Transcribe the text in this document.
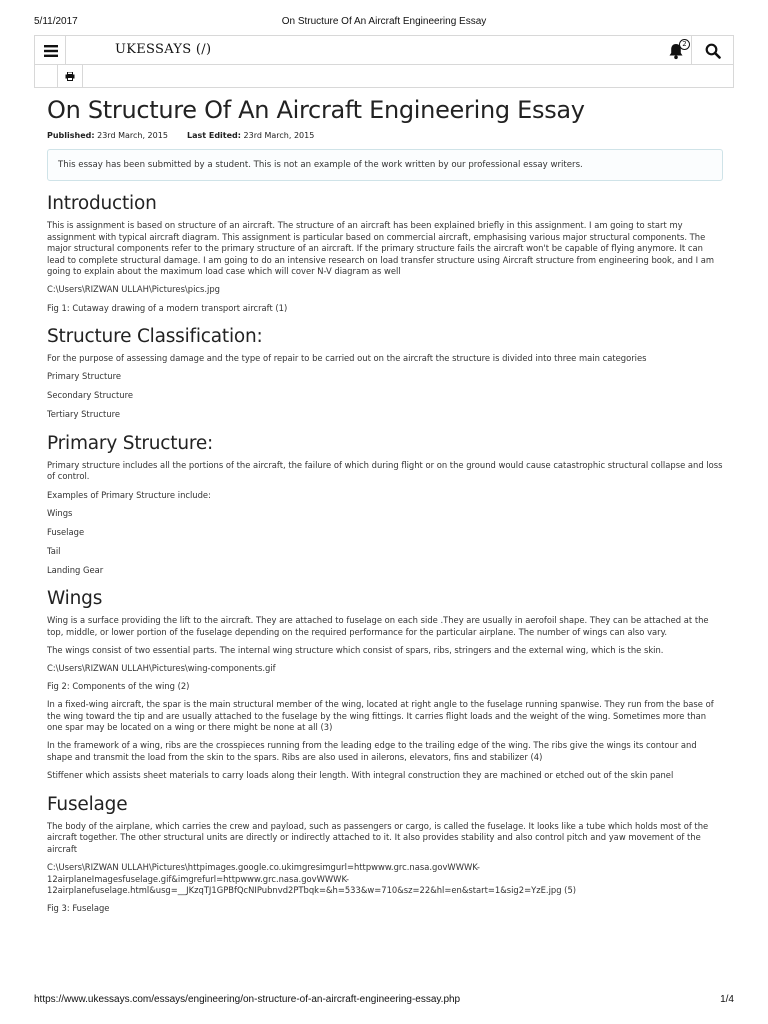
5/11/2017	On Structure Of An Aircraft Engineering Essay
UKESSAYS (/)	2
On Structure Of An Aircraft Engineering Essay
Published: 23rd March, 2015 Last Edited: 23rd March, 2015
This essay has been submitted by a student. This is not an example of the work written by our professional essay writers.
Introduction

This is assignment is based on structure of an aircraft. The structure of an aircraft has been explained briefly in this assignment. I am going to start my assignment with typical aircraft diagram. This assignment is particular based on commercial aircraft, emphasising various major structural components. The major structural components refer to the primary structure of an aircraft. If the primary structure fails the aircraft won't be capable of flying anymore. It can lead to complete structural damage. I am going to do an intensive research on load transfer structure using Aircraft structure from engineering book, and I am going to explain about the maximum load case which will cover N-V diagram as well

C:\Users\RIZWAN ULLAH\Pictures\pics.jpg

Fig 1: Cutaway drawing of a modern transport aircraft (1)

Structure Classification:

For the purpose of assessing damage and the type of repair to be carried out on the aircraft the structure is divided into three main categories

Primary Structure

Secondary Structure

Tertiary Structure

Primary Structure:

Primary structure includes all the portions of the aircraft, the failure of which during flight or on the ground would cause catastrophic structural collapse and loss of control.

Examples of Primary Structure include:

Wings

Fuselage

Tail

Landing Gear

Wings

Wing is a surface providing the lift to the aircraft. They are attached to fuselage on each side .They are usually in aerofoil shape. They can be attached at the top, middle, or lower portion of the fuselage depending on the required performance for the particular airplane. The number of wings can also vary.

The wings consist of two essential parts. The internal wing structure which consist of spars, ribs, stringers and the external wing, which is the skin.

C:\Users\RIZWAN ULLAH\Pictures\wing-components.gif

Fig 2: Components of the wing (2)

In a fixed-wing aircraft, the spar is the main structural member of the wing, located at right angle to the fuselage running spanwise. They run from the base of the wing toward the tip and are usually attached to the fuselage by the wing fittings. It carries flight loads and the weight of the wing. Sometimes more than one spar may be located on a wing or there might be none at all (3)

In the framework of a wing, ribs are the crosspieces running from the leading edge to the trailing edge of the wing. The ribs give the wings its contour and shape and transmit the load from the skin to the spars. Ribs are also used in ailerons, elevators, fins and stabilizer (4)

Stiffener which assists sheet materials to carry loads along their length. With integral construction they are machined or etched out of the skin panel

Fuselage

The body of the airplane, which carries the crew and payload, such as passengers or cargo, is called the fuselage. It looks like a tube which holds most of the aircraft together. The other structural units are directly or indirectly attached to it. It also provides stability and also control pitch and yaw movement of the aircraft

C:\Users\RIZWAN ULLAH\Pictures\httpimages.google.co.ukimgresimgurl=httpwww.grc.nasa.govWWWK-12airplaneImagesfuselage.gif&imgrefurl=httpwww.grc.nasa.govWWWK-12airplanefuselage.html&usg=__JKzqTJ1GPBfQcNIPubnvd2PTbqk=&h=533&w=710&sz=22&hl=en&start=1&sig2=YzE.jpg (5)

Fig 3: Fuselage

https://www.ukessays.com/essays/engineering/on-structure-of-an-aircraft-engineering-essay.php	1/4
